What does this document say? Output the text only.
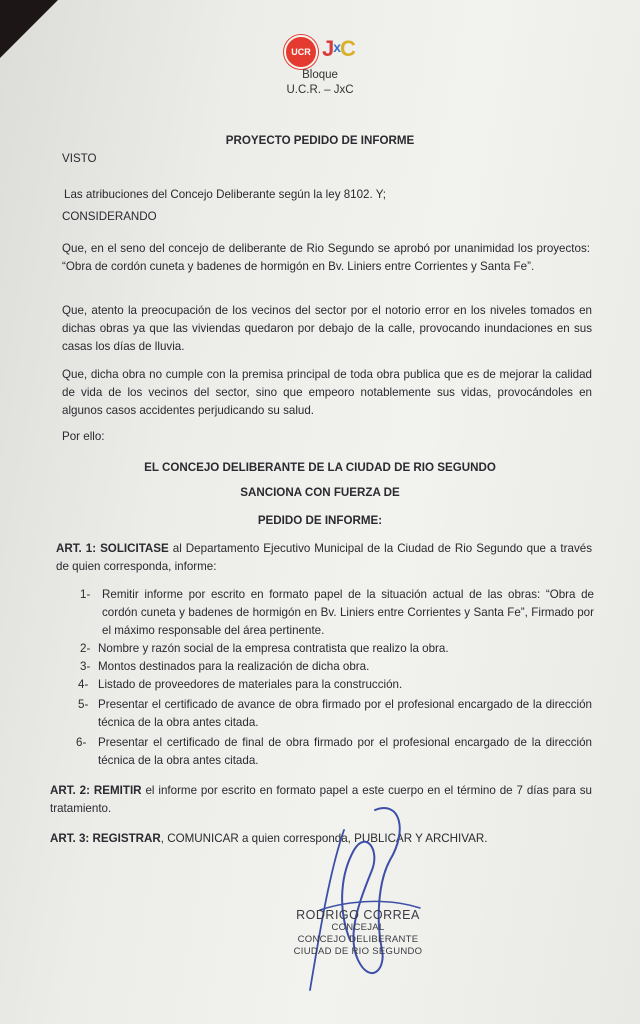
UCR JxC
Bloque
U.C.R. – JxC
PROYECTO PEDIDO DE INFORME
VISTO
Las atribuciones del Concejo Deliberante según la ley 8102. Y;
CONSIDERANDO
Que, en el seno del concejo de deliberante de Rio Segundo se aprobó por unanimidad los proyectos: “Obra de cordón cuneta y badenes de hormigón en Bv. Liniers entre Corrientes y Santa Fe”.
Que, atento la preocupación de los vecinos del sector por el notorio error en los niveles tomados en dichas obras ya que las viviendas quedaron por debajo de la calle, provocando inundaciones en sus casas los días de lluvia.
Que, dicha obra no cumple con la premisa principal de toda obra publica que es de mejorar la calidad de vida de los vecinos del sector, sino que empeoro notablemente sus vidas, provocándoles en algunos casos accidentes perjudicando su salud.
Por ello:
EL CONCEJO DELIBERANTE DE LA CIUDAD DE RIO SEGUNDO
SANCIONA CON FUERZA DE
PEDIDO DE INFORME:
ART. 1: SOLICITASE al Departamento Ejecutivo Municipal de la Ciudad de Rio Segundo que a través de quien corresponda, informe:
1- Remitir informe por escrito en formato papel de la situación actual de las obras: “Obra de cordón cuneta y badenes de hormigón en Bv. Liniers entre Corrientes y Santa Fe”, Firmado por el máximo responsable del área pertinente.
2- Nombre y razón social de la empresa contratista que realizo la obra.
3- Montos destinados para la realización de dicha obra.
4- Listado de proveedores de materiales para la construcción.
5- Presentar el certificado de avance de obra firmado por el profesional encargado de la dirección técnica de la obra antes citada.
6- Presentar el certificado de final de obra firmado por el profesional encargado de la dirección técnica de la obra antes citada.
ART. 2: REMITIR el informe por escrito en formato papel a este cuerpo en el término de 7 días para su tratamiento.
ART. 3: REGISTRAR, COMUNICAR a quien corresponda, PUBLICAR Y ARCHIVAR.
RODRIGO CORREA
CONCEJAL
CONCEJO DELIBERANTE
CIUDAD DE RIO SEGUNDO
